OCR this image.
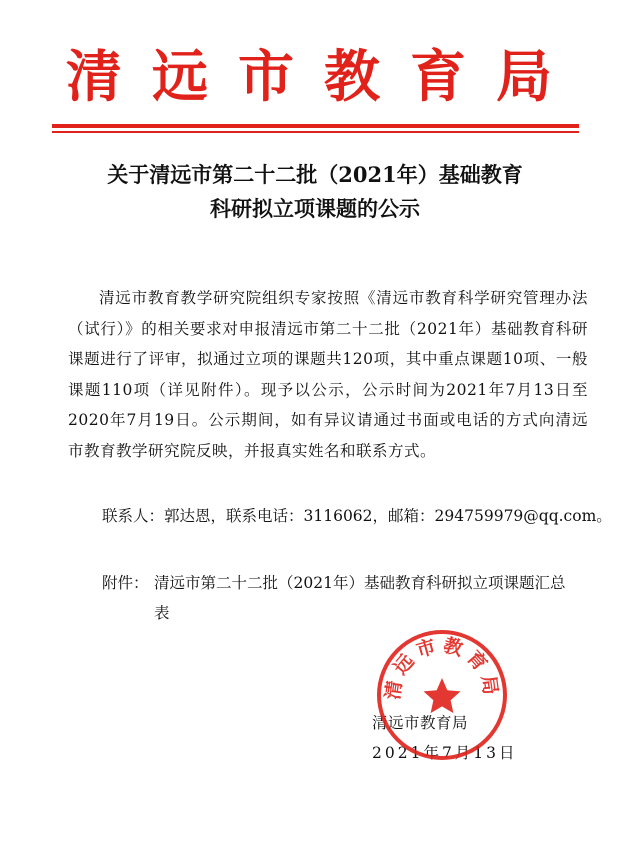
清远市教育局
关于清远市第二十二批（2021年）基础教育
科研拟立项课题的公示
清远市教育教学研究院组织专家按照《清远市教育科学研究管理办法（试行）》的相关要求对申报清远市第二十二批（2021年）基础教育科研课题进行了评审，拟通过立项的课题共120项，其中重点课题10项、一般课题110项（详见附件）。现予以公示，公示时间为2021年7月13日至2020年7月19日。公示期间，如有异议请通过书面或电话的方式向清远市教育教学研究院反映，并报真实姓名和联系方式。
联系人：郭达恩，联系电话：3116062，邮箱：294759979@qq.com。
附件： 清远市第二十二批（2021年）基础教育科研拟立项课题汇总表
清远市教育局
2021年7月13日
清远市教育局
